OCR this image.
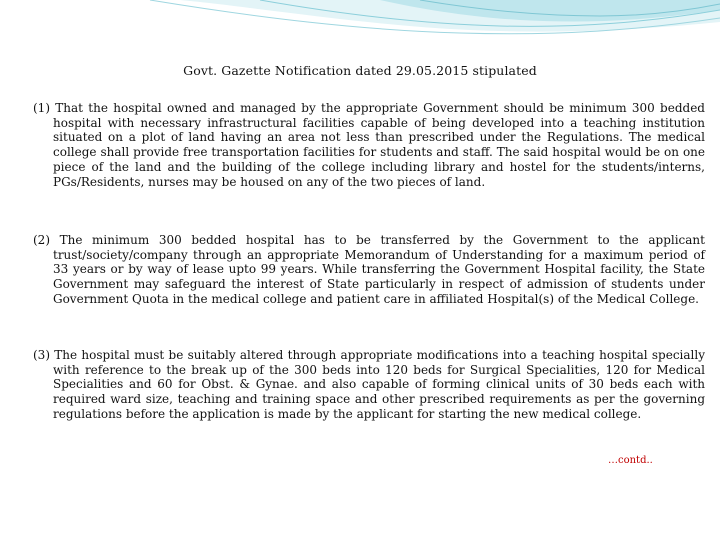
Govt. Gazette Notification dated 29.05.2015 stipulated

(1) That the hospital owned and managed by the appropriate Government should be minimum 300 bedded hospital with necessary infrastructural facilities capable of being developed into a teaching institution situated on a plot of land having an area not less than prescribed under the Regulations. The medical college shall provide free transportation facilities for students and staff. The said hospital would be on one piece of the land and the building of the college including library and hostel for the students/interns, PGs/Residents, nurses may be housed on any of the two pieces of land.

(2) The minimum 300 bedded hospital has to be transferred by the Government to the applicant trust/society/company through an appropriate Memorandum of Understanding for a maximum period of 33 years or by way of lease upto 99 years. While transferring the Government Hospital facility, the State Government may safeguard the interest of State particularly in respect of admission of students under Government Quota in the medical college and patient care in affiliated Hospital(s) of the Medical College.

(3) The hospital must be suitably altered through appropriate modifications into a teaching hospital specially with reference to the break up of the 300 beds into 120 beds for Surgical Specialities, 120 for Medical Specialities and 60 for Obst. & Gynae. and also capable of forming clinical units of 30 beds each with required ward size, teaching and training space and other prescribed requirements as per the governing regulations before the application is made by the applicant for starting the new medical college.

…contd..
